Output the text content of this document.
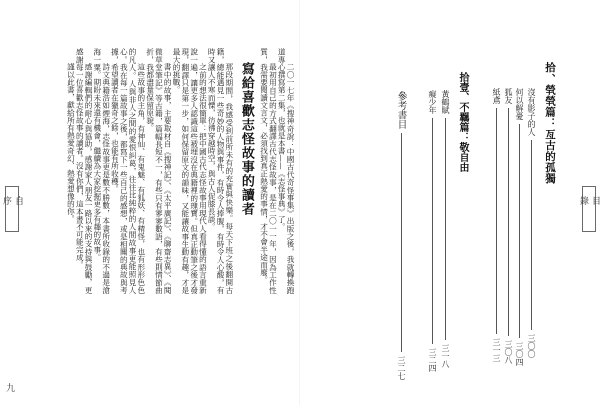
自序	二〇一七年《搜神奇說：中國古代奇怪事集》出版之後，我就轉換跑道專心撰寫第二集，也就是本書——《志怪事典》了。

最初用自己的方式翻譯古代志怪故事，是在二〇一一年，因為工作性質，我需要閱讀文言文，必須找到真正熱愛的事情，才不會半途而廢。

寫給喜歡志怪故事的讀者

那段期間，我感受到前所未有的充實與快樂。每天下班之後翻開古籍，總能遇見一些奇妙的人物與事件，有時令人捧腹，有時令人心酸，有時又讓人不寒而慄，彷彿穿越時空，與古人促膝長談。

之前的想法很簡單：把中國古代志怪故事用現代人看得懂的語言重新說一遍，讓更多人認識這些被埋沒在典籍裡的瑰寶。但真正動筆之後才發現，翻譯只是第一步，如何保留原文的韻味，又能讓故事生動有趣，才是最大的挑戰。

書中的故事，主要取材自《搜神記》、《太平廣記》、《聊齋志異》、《閱微草堂筆記》等古籍，篇幅長短不一，有些只有寥寥數語，有些則情節曲折，我都盡量保留原貌。

這些故事的主角，有神仙、有鬼魅、有狐妖、有精怪，也有形形色色的凡人。人與非人之間的愛恨糾葛，往往比純粹的人間故事更能照見人心。我在每一篇故事之後，都寫下一些自己的感想，或是相關的典故與考據，希望讀者在獵奇之餘，也能有所收穫。

詩文典籍浩如煙海，志怪故事更是數不勝數，本書所收錄的不過是滄海一粟。期盼未來還有機會，繼續為大家挖掘更多有趣的故事。

感謝編輯們的耐心與協助，感謝家人朋友一路以來的支持與鼓勵，更感謝每一位喜歡志怪故事的讀者。沒有你們，這本書不可能完成。

謹以此書，獻給所有熱愛奇幻、熱愛想像的你。

九
目錄
拾、煢煢篇：亙古的孤獨
沒有影子的人
三〇〇
何以解憂
三〇四
狐友
三〇八
紙鳶
三一三
拾壹、不羈篇：敬自由
黃鶴賦
三一八
癡少年
三二四
參考書目
三二七
